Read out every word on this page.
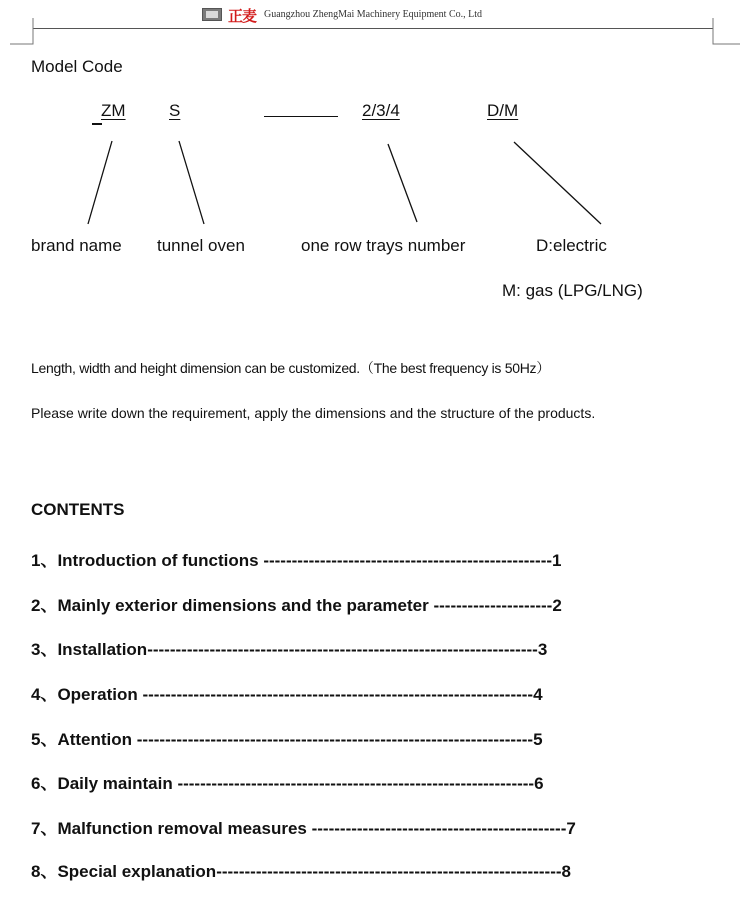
正麦 Guangzhou ZhengMai Machinery Equipment Co., Ltd
Model Code
ZM	S	2/3/4	D/M
brand name tunnel oven	one row trays number	D:electric
M: gas (LPG/LNG)
Length, width and height dimension can be customized.（The best frequency is 50Hz）
Please write down the requirement, apply the dimensions and the structure of the products.
CONTENTS
1、Introduction of functions ---------------------------------------------------1
2、Mainly exterior dimensions and the parameter ---------------------2
3、Installation---------------------------------------------------------------------3
4、Operation ---------------------------------------------------------------------4
5、Attention ----------------------------------------------------------------------5
6、Daily maintain ---------------------------------------------------------------6
7、Malfunction removal measures ---------------------------------------------7
8、Special explanation-------------------------------------------------------------8
